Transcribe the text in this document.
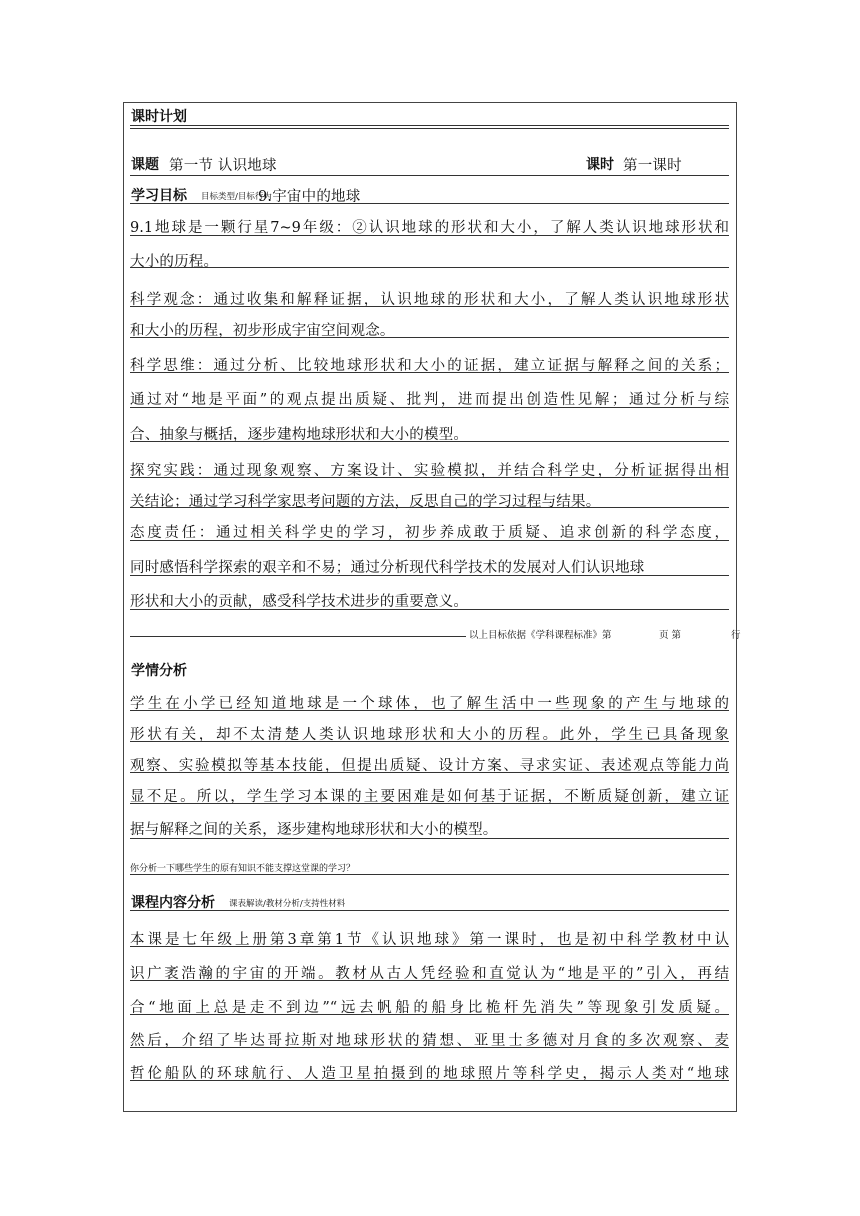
课时计划
课题 第一节 认识地球	课时 第一课时
学习目标 目标类型/目标行为
9.宇宙中的地球
9.1地球是一颗行星7~9年级：②认识地球的形状和大小，了解人类认识地球形状和
大小的历程。
科学观念：通过收集和解释证据，认识地球的形状和大小，了解人类认识地球形状
和大小的历程，初步形成宇宙空间观念。
科学思维：通过分析、比较地球形状和大小的证据，建立证据与解释之间的关系；
通过对“地是平面”的观点提出质疑、批判，进而提出创造性见解；通过分析与综
合、抽象与概括，逐步建构地球形状和大小的模型。
探究实践：通过现象观察、方案设计、实验模拟，并结合科学史，分析证据得出相
关结论；通过学习科学家思考问题的方法，反思自己的学习过程与结果。
态度责任：通过相关科学史的学习，初步养成敢于质疑、追求创新的科学态度，
同时感悟科学探索的艰辛和不易；通过分析现代科学技术的发展对人们认识地球
形状和大小的贡献，感受科学技术进步的重要意义。
以上目标依据《学科课程标准》第	页 第	行
学情分析
学生在小学已经知道地球是一个球体，也了解生活中一些现象的产生与地球的
形状有关，却不太清楚人类认识地球形状和大小的历程。此外，学生已具备现象
观察、实验模拟等基本技能，但提出质疑、设计方案、寻求实证、表述观点等能力尚
显不足。所以，学生学习本课的主要困难是如何基于证据，不断质疑创新，建立证
据与解释之间的关系，逐步建构地球形状和大小的模型。
你分析一下哪些学生的原有知识不能支撑这堂课的学习？
课程内容分析 课表解读/教材分析/支持性材料
本课是七年级上册第3章第1节《认识地球》第一课时，也是初中科学教材中认
识广袤浩瀚的宇宙的开端。教材从古人凭经验和直觉认为“地是平的”引入，再结
合“地面上总是走不到边”“远去帆船的船身比桅杆先消失”等现象引发质疑。
然后，介绍了毕达哥拉斯对地球形状的猜想、亚里士多德对月食的多次观察、麦
哲伦船队的环球航行、人造卫星拍摄到的地球照片等科学史，揭示人类对“地球
